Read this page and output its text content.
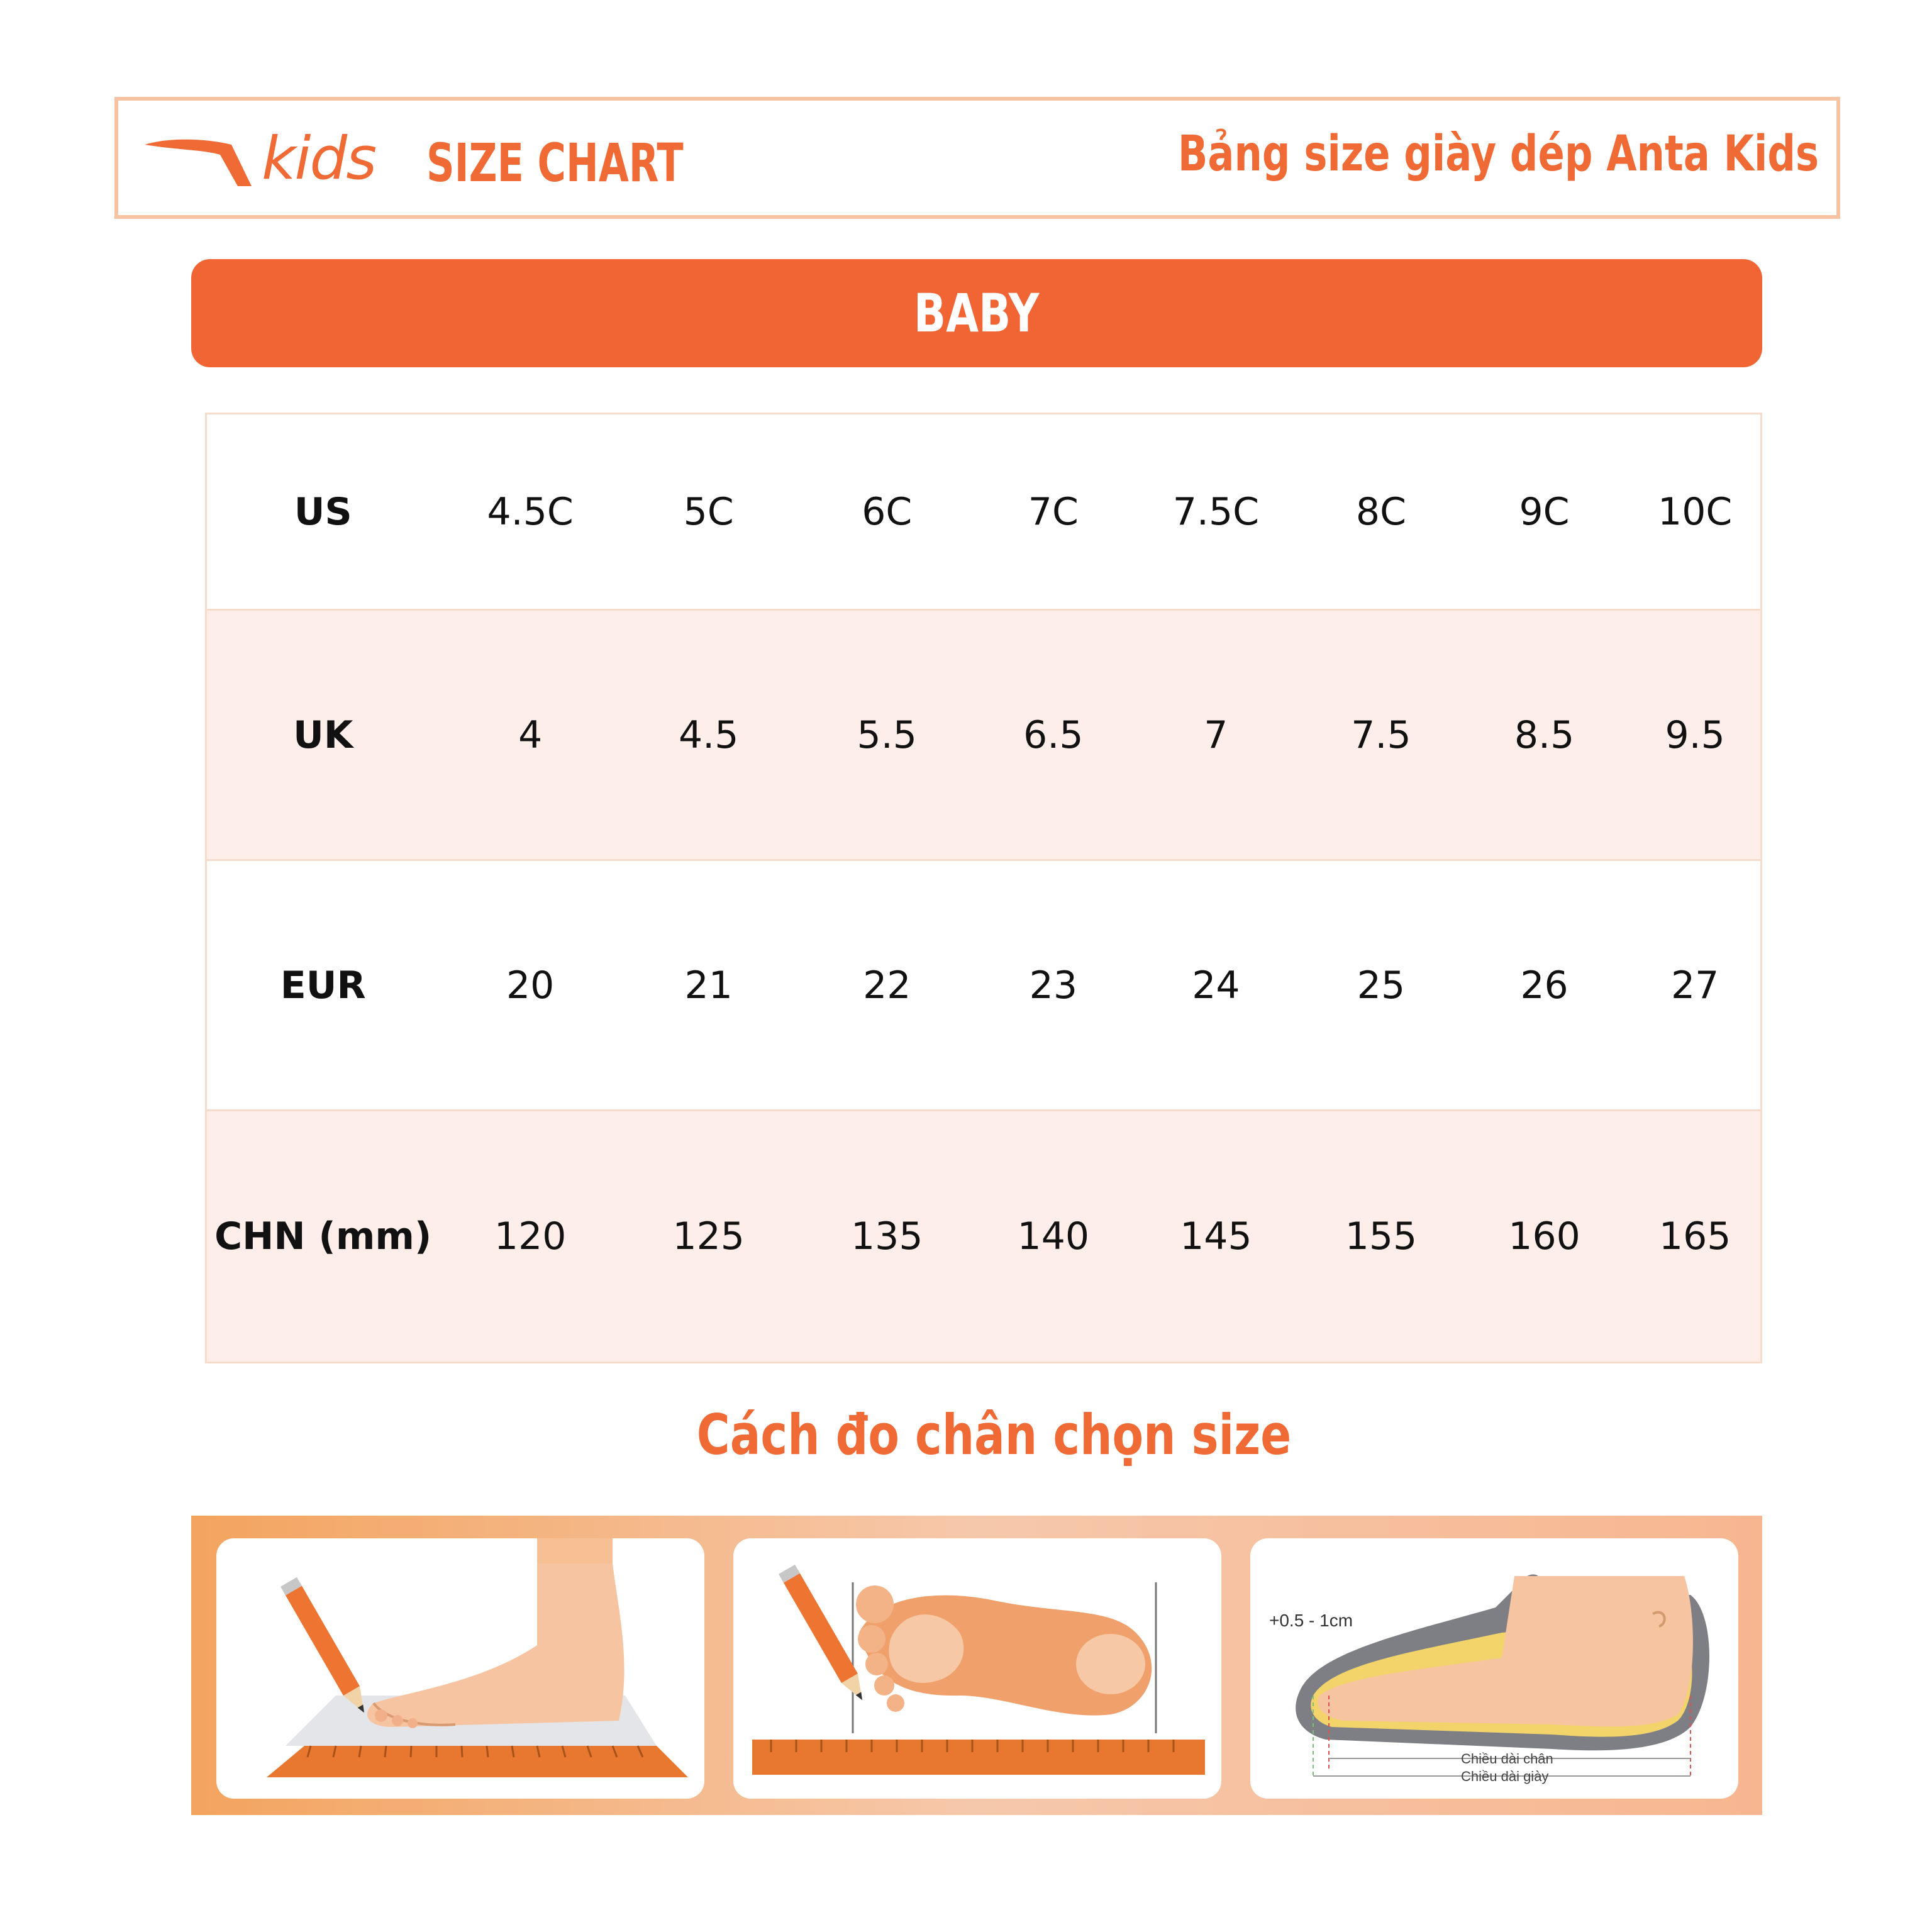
kids SIZE CHART	Bảng size giày dép Anta Kids
BABY
US	4.5C	5C	6C	7C	7.5C	8C	9C	10C
UK	4	4.5	5.5	6.5	7	7.5	8.5	9.5
EUR	20	21	22	23	24	25	26	27
CHN (mm)	120	125	135	140	145	155	160	165
Cách đo chân chọn size
+0.5 - 1cm
Chiều dài chân
Chiều dài giày
